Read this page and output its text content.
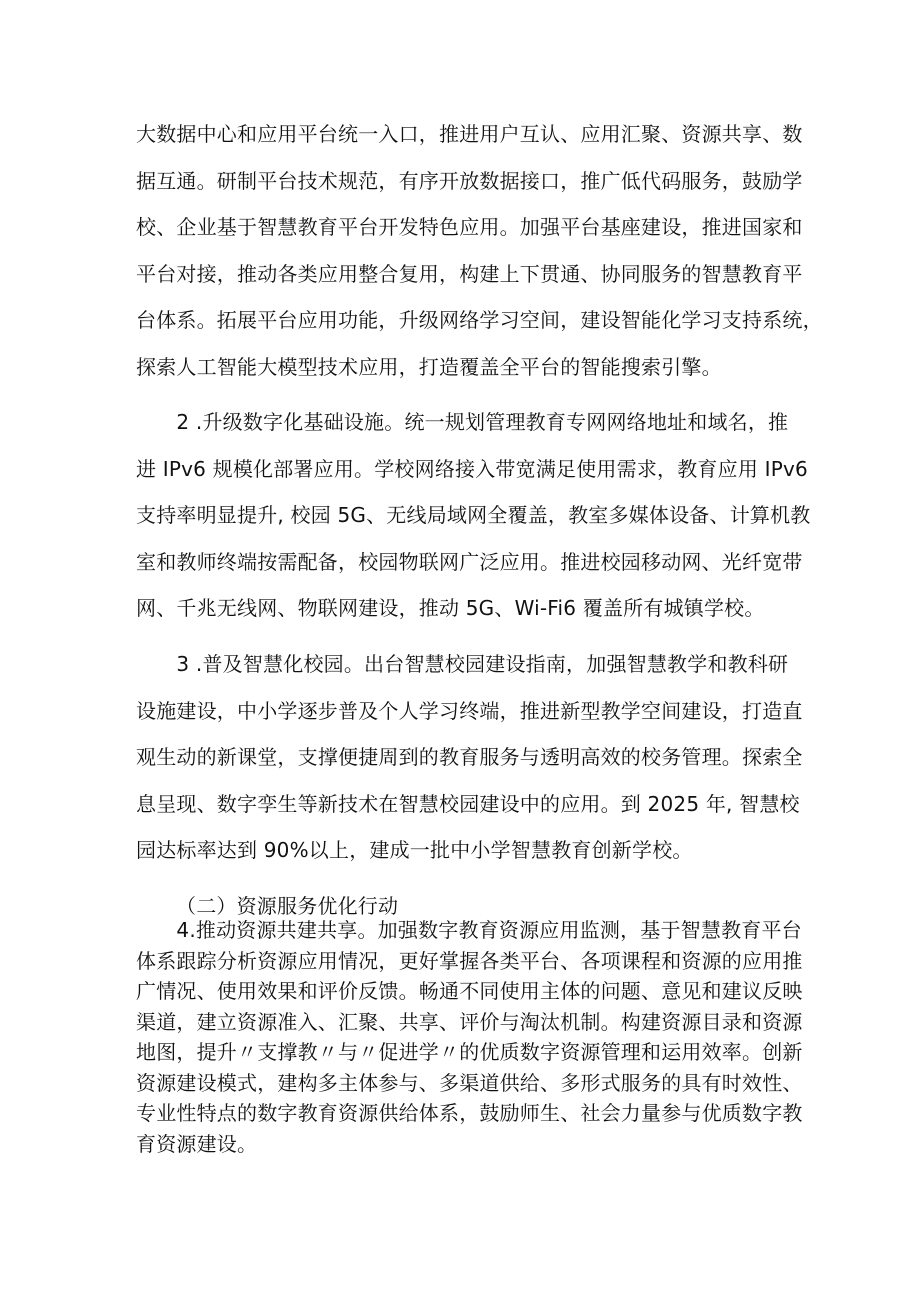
大数据中心和应用平台统一入口，推进用户互认、应用汇聚、资源共享、数
据互通。研制平台技术规范，有序开放数据接口，推广低代码服务，鼓励学
校、企业基于智慧教育平台开发特色应用。加强平台基座建设，推进国家和
平台对接，推动各类应用整合复用，构建上下贯通、协同服务的智慧教育平
台体系。拓展平台应用功能，升级网络学习空间，建设智能化学习支持系统，
探索人工智能大模型技术应用，打造覆盖全平台的智能搜索引擎。

　　2 .升级数字化基础设施。统一规划管理教育专网网络地址和域名，推
进 IPv6 规模化部署应用。学校网络接入带宽满足使用需求，教育应用 IPv6
支持率明显提升, 校园 5G、无线局域网全覆盖，教室多媒体设备、计算机教
室和教师终端按需配备，校园物联网广泛应用。推进校园移动网、光纤宽带
网、千兆无线网、物联网建设，推动 5G、Wi-Fi6 覆盖所有城镇学校。

　　3 .普及智慧化校园。出台智慧校园建设指南，加强智慧教学和教科研
设施建设，中小学逐步普及个人学习终端，推进新型教学空间建设，打造直
观生动的新课堂，支撑便捷周到的教育服务与透明高效的校务管理。探索全
息呈现、数字孪生等新技术在智慧校园建设中的应用。到 2025 年, 智慧校
园达标率达到 90%以上，建成一批中小学智慧教育创新学校。

（二）资源服务优化行动

　　4.推动资源共建共享。加强数字教育资源应用监测，基于智慧教育平台
体系跟踪分析资源应用情况，更好掌握各类平台、各项课程和资源的应用推
广情况、使用效果和评价反馈。畅通不同使用主体的问题、意见和建议反映
渠道，建立资源准入、汇聚、共享、评价与淘汰机制。构建资源目录和资源
地图，提升〃支撑教〃与〃促进学〃的优质数字资源管理和运用效率。创新
资源建设模式，建构多主体参与、多渠道供给、多形式服务的具有时效性、
专业性特点的数字教育资源供给体系，鼓励师生、社会力量参与优质数字教
育资源建设。
